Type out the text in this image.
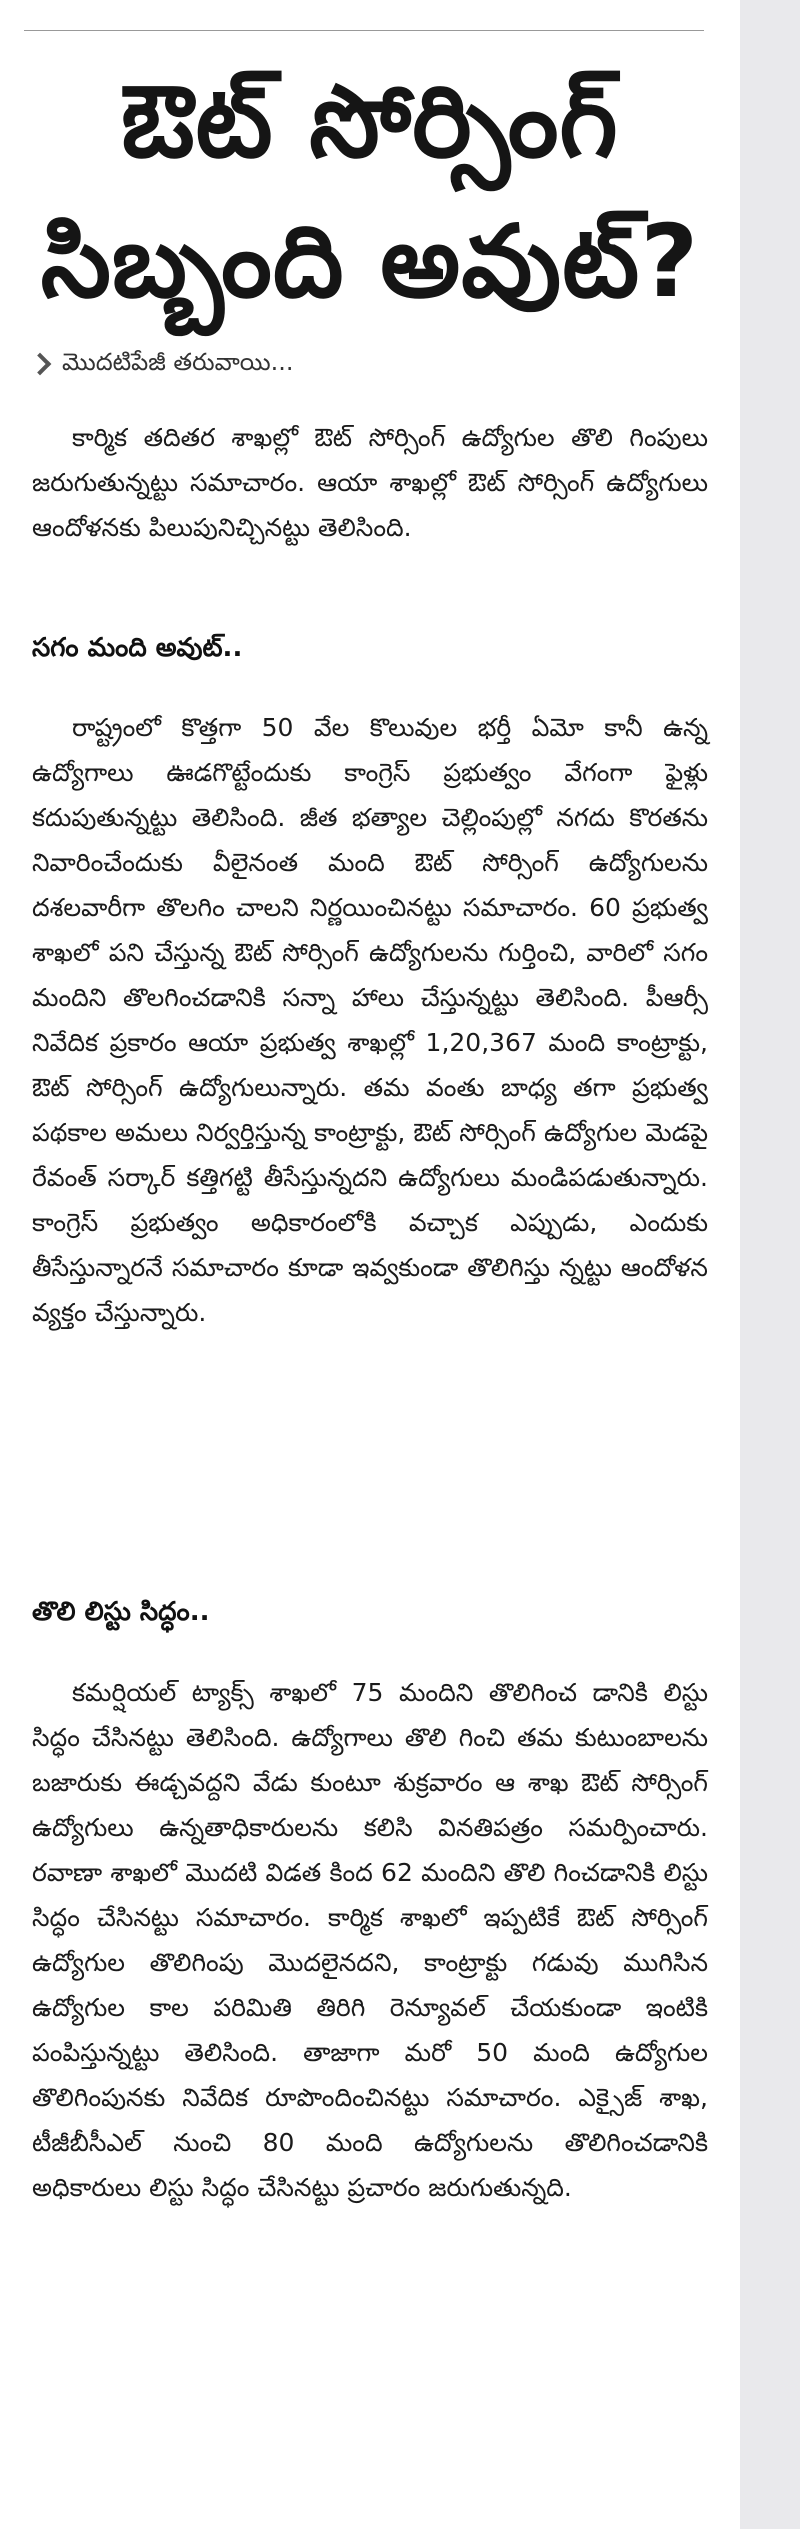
ఔట్ సోర్సింగ్
సిబ్బంది అవుట్?
మొదటిపేజీ తరువాయి...

కార్మిక తదితర శాఖల్లో ఔట్ సోర్సింగ్ ఉద్యోగుల తొలి గింపులు జరుగుతున్నట్టు సమాచారం. ఆయా శాఖల్లో ఔట్ సోర్సింగ్ ఉద్యోగులు ఆందోళనకు పిలుపునిచ్చినట్టు తెలిసింది.

సగం మంది అవుట్..

రాష్ట్రంలో కొత్తగా 50 వేల కొలువుల భర్తీ ఏమో కానీ ఉన్న ఉద్యోగాలు ఊడగొట్టేందుకు కాంగ్రెస్ ప్రభుత్వం వేగంగా ఫైళ్లు కదుపుతున్నట్టు తెలిసింది. జీత భత్యాల చెల్లింపుల్లో నగదు కొరతను నివారించేందుకు వీలైనంత మంది ఔట్ సోర్సింగ్ ఉద్యోగులను దశలవారీగా తొలగిం చాలని నిర్ణయించినట్టు సమాచారం. 60 ప్రభుత్వ శాఖలో పని చేస్తున్న ఔట్ సోర్సింగ్ ఉద్యోగులను గుర్తించి, వారిలో సగం మందిని తొలగించడానికి సన్నా హాలు చేస్తున్నట్టు తెలిసింది. పీఆర్సీ నివేదిక ప్రకారం ఆయా ప్రభుత్వ శాఖల్లో 1,20,367 మంది కాంట్రాక్టు, ఔట్ సోర్సింగ్ ఉద్యోగులున్నారు. తమ వంతు బాధ్య తగా ప్రభుత్వ పథకాల అమలు నిర్వర్తిస్తున్న కాంట్రాక్టు, ఔట్ సోర్సింగ్ ఉద్యోగుల మెడపై రేవంత్ సర్కార్ కత్తిగట్టి తీసేస్తున్నదని ఉద్యోగులు మండిపడుతున్నారు. కాంగ్రెస్ ప్రభుత్వం అధికారంలోకి వచ్చాక ఎప్పుడు, ఎందుకు తీసేస్తున్నారనే సమాచారం కూడా ఇవ్వకుండా తొలిగిస్తు న్నట్టు ఆందోళన వ్యక్తం చేస్తున్నారు.

తొలి లిస్టు సిద్ధం..

కమర్షియల్ ట్యాక్స్ శాఖలో 75 మందిని తొలిగించ డానికి లిస్టు సిద్ధం చేసినట్టు తెలిసింది. ఉద్యోగాలు తొలి గించి తమ కుటుంబాలను బజారుకు ఈడ్చవద్దని వేడు కుంటూ శుక్రవారం ఆ శాఖ ఔట్ సోర్సింగ్ ఉద్యోగులు ఉన్నతాధికారులను కలిసి వినతిపత్రం సమర్పించారు. రవాణా శాఖలో మొదటి విడత కింద 62 మందిని తొలి గించడానికి లిస్టు సిద్ధం చేసినట్టు సమాచారం. కార్మిక శాఖలో ఇప్పటికే ఔట్ సోర్సింగ్ ఉద్యోగుల తొలిగింపు మొదలైనదని, కాంట్రాక్టు గడువు ముగిసిన ఉద్యోగుల కాల పరిమితి తిరిగి రెన్యూవల్ చేయకుండా ఇంటికి పంపిస్తున్నట్టు తెలిసింది. తాజాగా మరో 50 మంది ఉద్యోగుల తొలిగింపునకు నివేదిక రూపొందించినట్టు సమాచారం. ఎక్సైజ్ శాఖ, టీజీబీసీఎల్ నుంచి 80 మంది ఉద్యోగులను తొలిగించడానికి అధికారులు లిస్టు సిద్ధం చేసినట్టు ప్రచారం జరుగుతున్నది.
